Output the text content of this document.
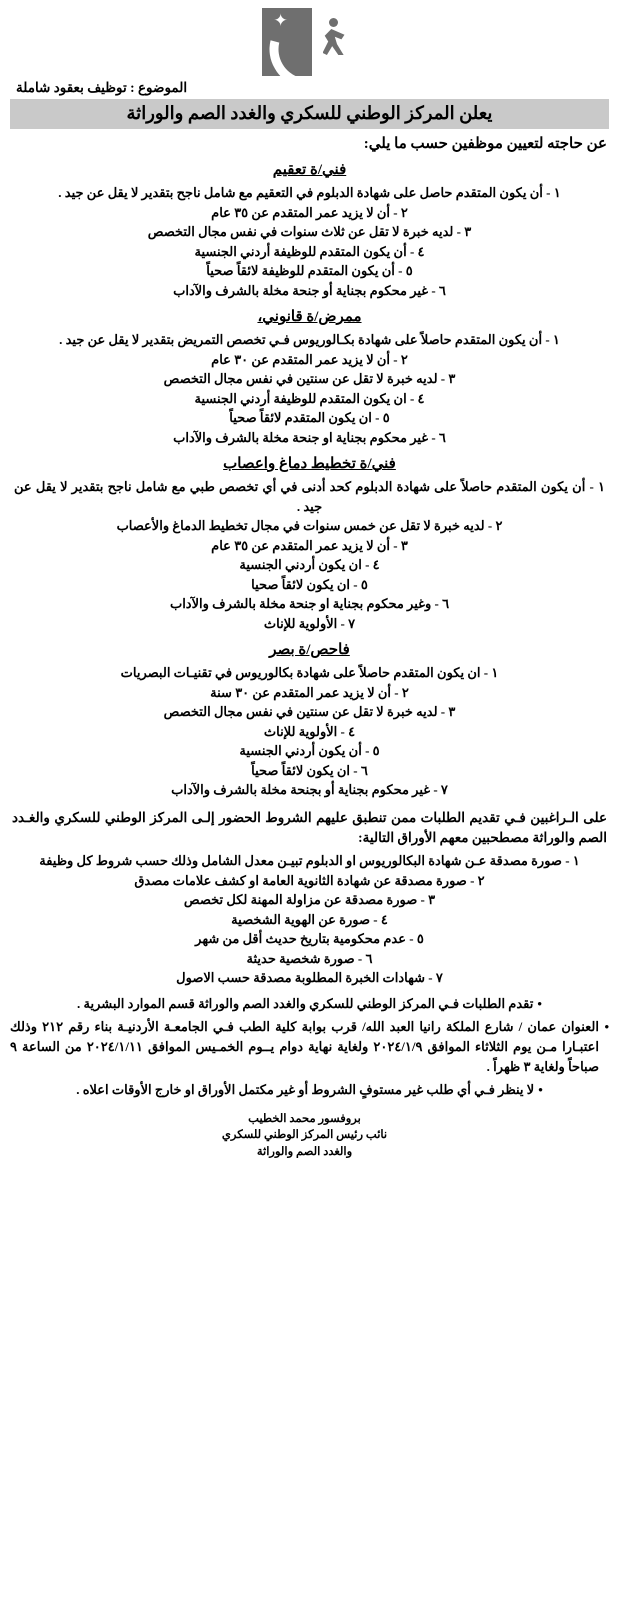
✦
الموضوع : توظيف بعقود شاملة
يعلن المركز الوطني للسكري والغدد الصم والوراثة
عن حاجته لتعيين موظفين حسب ما يلي:
فني/ة تعقيم
١ - أن يكون المتقدم حاصل على شهادة الدبلوم في التعقيم مع شامل ناجح بتقدير لا يقل عن جيد .
٢ - أن لا يزيد عمر المتقدم عن ٣٥ عام
٣ - لديه خبرة لا تقل عن ثلاث سنوات في نفس مجال التخصص
٤ - أن يكون المتقدم للوظيفة أردني الجنسية
٥ - أن يكون المتقدم للوظيفة لائقاً صحياً
٦ - غير محكوم بجناية أو جنحة مخلة بالشرف والآداب
ممرض/ة قانوني،
١ - أن يكون المتقدم حاصلاً على شهادة بكـالوريوس فـي تخصص التمريض بتقدير لا يقل عن جيد .
٢ - أن لا يزيد عمر المتقدم عن ٣٠ عام
٣ - لديه خبرة لا تقل عن سنتين في نفس مجال التخصص
٤ - ان يكون المتقدم للوظيفة أردني الجنسية
٥ - ان يكون المتقدم لائقاً صحياً
٦ - غير محكوم بجناية او جنحة مخلة بالشرف والآداب
فني/ة تخطيط دماغ واعصاب
١ - أن يكون المتقدم حاصلاً على شهادة الدبلوم كحد أدنى في أي تخصص طبي مع شامل ناجح بتقدير لا يقل عن جيد .
٢ - لديه خبرة لا تقل عن خمس سنوات في مجال تخطيط الدماغ والأعصاب
٣ - أن لا يزيد عمر المتقدم عن ٣٥ عام
٤ - ان يكون أردني الجنسية
٥ - ان يكون لائقاً صحيا
٦ - وغير محكوم بجناية او جنحة مخلة بالشرف والآداب
٧ - الأولوية للإناث
فاحص/ة بصر
١ - ان يكون المتقدم حاصلاً على شهادة بكالوريوس في تقنيـات البصريات
٢ - أن لا يزيد عمر المتقدم عن ٣٠ سنة
٣ - لديه خبرة لا تقل عن سنتين في نفس مجال التخصص
٤ - الأولوية للإناث
٥ - أن يكون أردني الجنسية
٦ - ان يكون لائقاً صحياً
٧ - غير محكوم بجناية أو بجنحة مخلة بالشرف والآداب
على الـراغبين فـي تقديم الطلبات ممن تنطبق عليهم الشروط الحضور إلـى المركز الوطني للسكري والغـدد الصم والوراثة مصطحبين معهم الأوراق التالية:
١ - صورة مصدقة عـن شهادة البكالوريوس او الدبلوم تبيـن معدل الشامل وذلك حسب شروط كل وظيفة
٢ - صورة مصدقة عن شهادة الثانوية العامة او كشف علامات مصدق
٣ - صورة مصدقة عن مزاولة المهنة لكل تخصص
٤ - صورة عن الهوية الشخصية
٥ - عدم محكومية بتاريخ حديث أقل من شهر
٦ - صورة شخصية حديثة
٧ - شهادات الخبرة المطلوبة مصدقة حسب الاصول
•تقدم الطلبات فـي المركز الوطني للسكري والغدد الصم والوراثة قسم الموارد البشرية .
•
العنوان عمان / شارع الملكة رانيا العبد الله/ قرب بوابة كلية الطب فـي الجامعـة الأردنيـة بناء رقم ٢١٢ وذلك اعتبـارا مـن يوم الثلاثاء الموافق ٢٠٢٤/١/٩ ولغاية نهاية دوام يــوم الخمـيس الموافق ٢٠٢٤/١/١١ من الساعة ٩ صباحاً ولغاية ٣ ظهراً .
•لا ينظر فـي أي طلب غير مستوفٍ الشروط أو غير مكتمل الأوراق او خارج الأوقات اعلاه .
بروفسور محمد الخطيب
نائب رئيس المركز الوطني للسكري
والغدد الصم والوراثة
